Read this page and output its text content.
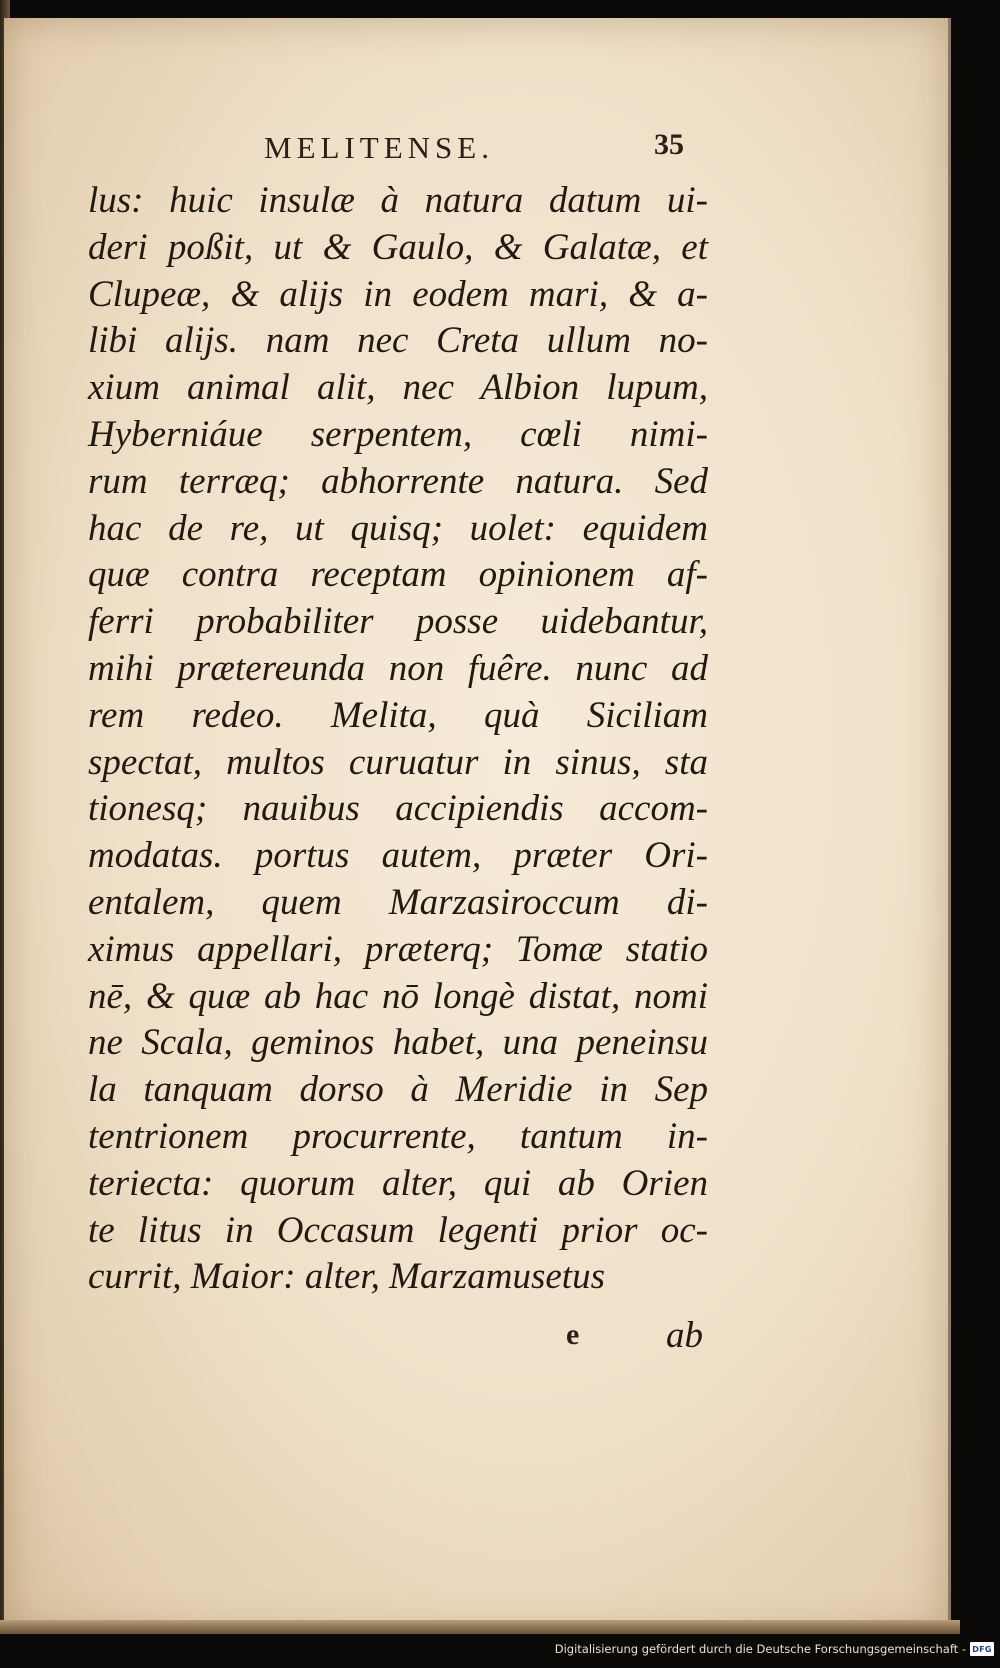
MELITENSE.	35
lus: huic insulæ à natura datum ui-
deri poßit, ut & Gaulo, & Galatæ, et
Clupeæ, & alijs in eodem mari, & a-
libi alijs. nam nec Creta ullum no-
xium animal alit, nec Albion lupum,
Hyberniáue serpentem, cœli nimi-
rum terræq; abhorrente natura. Sed
hac de re, ut quisq; uolet: equidem
quæ contra receptam opinionem af-
ferri probabiliter posse uidebantur,
mihi prætereunda non fuêre. nunc ad
rem redeo. Melita, quà Siciliam
spectat, multos curuatur in sinus, sta
tionesq; nauibus accipiendis accom-
modatas. portus autem, præter Ori-
entalem, quem Marzasiroccum di-
ximus appellari, præterq; Tomæ statio
nē, & quæ ab hac nō longè distat, nomi
ne Scala, geminos habet, una peneinsu
la tanquam dorso à Meridie in Sep
tentrionem procurrente, tantum in-
teriecta: quorum alter, qui ab Orien
te litus in Occasum legenti prior oc-
currit, Maior: alter, Marzamusetus
e ab
Digitalisierung gefördert durch die Deutsche Forschungsgemeinschaft - DFG
